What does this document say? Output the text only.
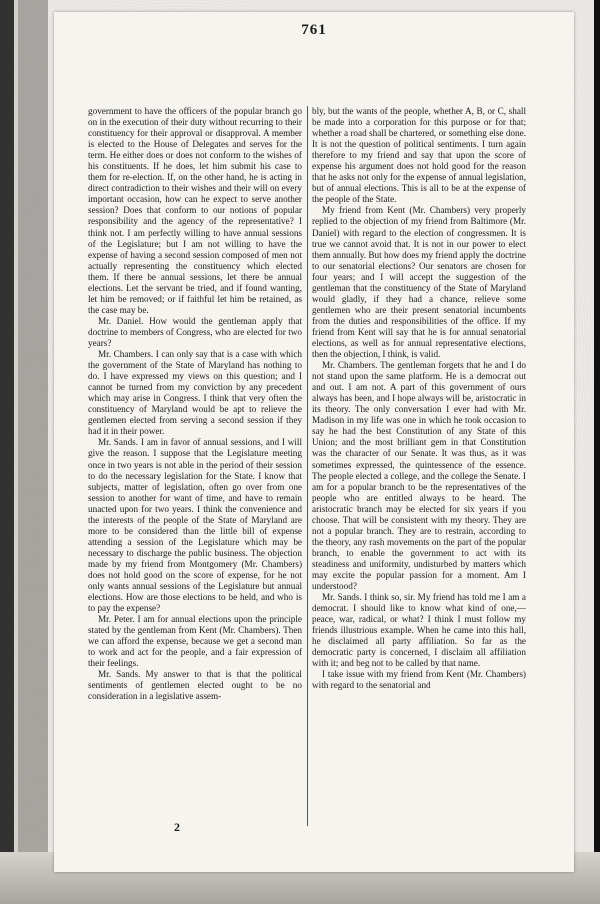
761

government to have the officers of the popular branch go on in the execution of their duty without recurring to their constituency for their approval or disapproval. A member is elected to the House of Delegates and serves for the term. He either does or does not conform to the wishes of his constituents. If he does, let him submit his case to them for re-election. If, on the other hand, he is acting in direct contradiction to their wishes and their will on every important occasion, how can he expect to serve another session? Does that conform to our notions of popular responsibility and the agency of the representative? I think not. I am perfectly willing to have annual sessions of the Legislature; but I am not willing to have the expense of having a second session composed of men not actually representing the constituency which elected them. If there be annual sessions, let there be annual elections. Let the servant be tried, and if found wanting, let him be removed; or if faithful let him be retained, as the case may be.

Mr. Daniel. How would the gentleman apply that doctrine to members of Congress, who are elected for two years?

Mr. Chambers. I can only say that is a case with which the government of the State of Maryland has nothing to do. I have expressed my views on this question; and I cannot be turned from my conviction by any precedent which may arise in Congress. I think that very often the constituency of Maryland would be apt to relieve the gentlemen elected from serving a second session if they had it in their power.

Mr. Sands. I am in favor of annual sessions, and I will give the reason. I suppose that the Legislature meeting once in two years is not able in the period of their session to do the necessary legislation for the State. I know that subjects, matter of legislation, often go over from one session to another for want of time, and have to remain unacted upon for two years. I think the convenience and the interests of the people of the State of Maryland are more to be considered than the little bill of expense attending a session of the Legislature which may be necessary to discharge the public business. The objection made by my friend from Montgomery (Mr. Chambers) does not hold good on the score of expense, for he not only wants annual sessions of the Legislature but annual elections. How are those elections to be held, and who is to pay the expense?

Mr. Peter. I am for annual elections upon the principle stated by the gentleman from Kent (Mr. Chambers). Then we can afford the expense, because we get a second man to work and act for the people, and a fair expression of their feelings.

Mr. Sands. My answer to that is that the political sentiments of gentlemen elected ought to be no consideration in a legislative assem-

bly, but the wants of the people, whether A, B, or C, shall be made into a corporation for this purpose or for that; whether a road shall be chartered, or something else done. It is not the question of political sentiments. I turn again therefore to my friend and say that upon the score of expense his argument does not hold good for the reason that he asks not only for the expense of annual legislation, but of annual elections. This is all to be at the expense of the people of the State.

My friend from Kent (Mr. Chambers) very properly replied to the objection of my friend from Baltimore (Mr. Daniel) with regard to the election of congressmen. It is true we cannot avoid that. It is not in our power to elect them annually. But how does my friend apply the doctrine to our senatorial elections? Our senators are chosen for four years; and I will accept the suggestion of the gentleman that the constituency of the State of Maryland would gladly, if they had a chance, relieve some gentlemen who are their present senatorial incumbents from the duties and responsibilities of the office. If my friend from Kent will say that he is for annual senatorial elections, as well as for annual representative elections, then the objection, I think, is valid.

Mr. Chambers. The gentleman forgets that he and I do not stand upon the same platform. He is a democrat out and out. I am not. A part of this government of ours always has been, and I hope always will be, aristocratic in its theory. The only conversation I ever had with Mr. Madison in my life was one in which he took occasion to say he had the best Constitution of any State of this Union; and the most brilliant gem in that Constitution was the character of our Senate. It was thus, as it was sometimes expressed, the quintessence of the essence. The people elected a college, and the college the Senate. I am for a popular branch to be the representatives of the people who are entitled always to be heard. The aristocratic branch may be elected for six years if you choose. That will be consistent with my theory. They are not a popular branch. They are to restrain, according to the theory, any rash movements on the part of the popular branch, to enable the government to act with its steadiness and uniformity, undisturbed by matters which may excite the popular passion for a moment. Am I understood?

Mr. Sands. I think so, sir. My friend has told me I am a democrat. I should like to know what kind of one,—peace, war, radical, or what? I think I must follow my friends illustrious example. When he came into this hall, he disclaimed all party affiliation. So far as the democratic party is concerned, I disclaim all affiliation with it; and beg not to be called by that name.

I take issue with my friend from Kent (Mr. Chambers) with regard to the senatorial and

2
